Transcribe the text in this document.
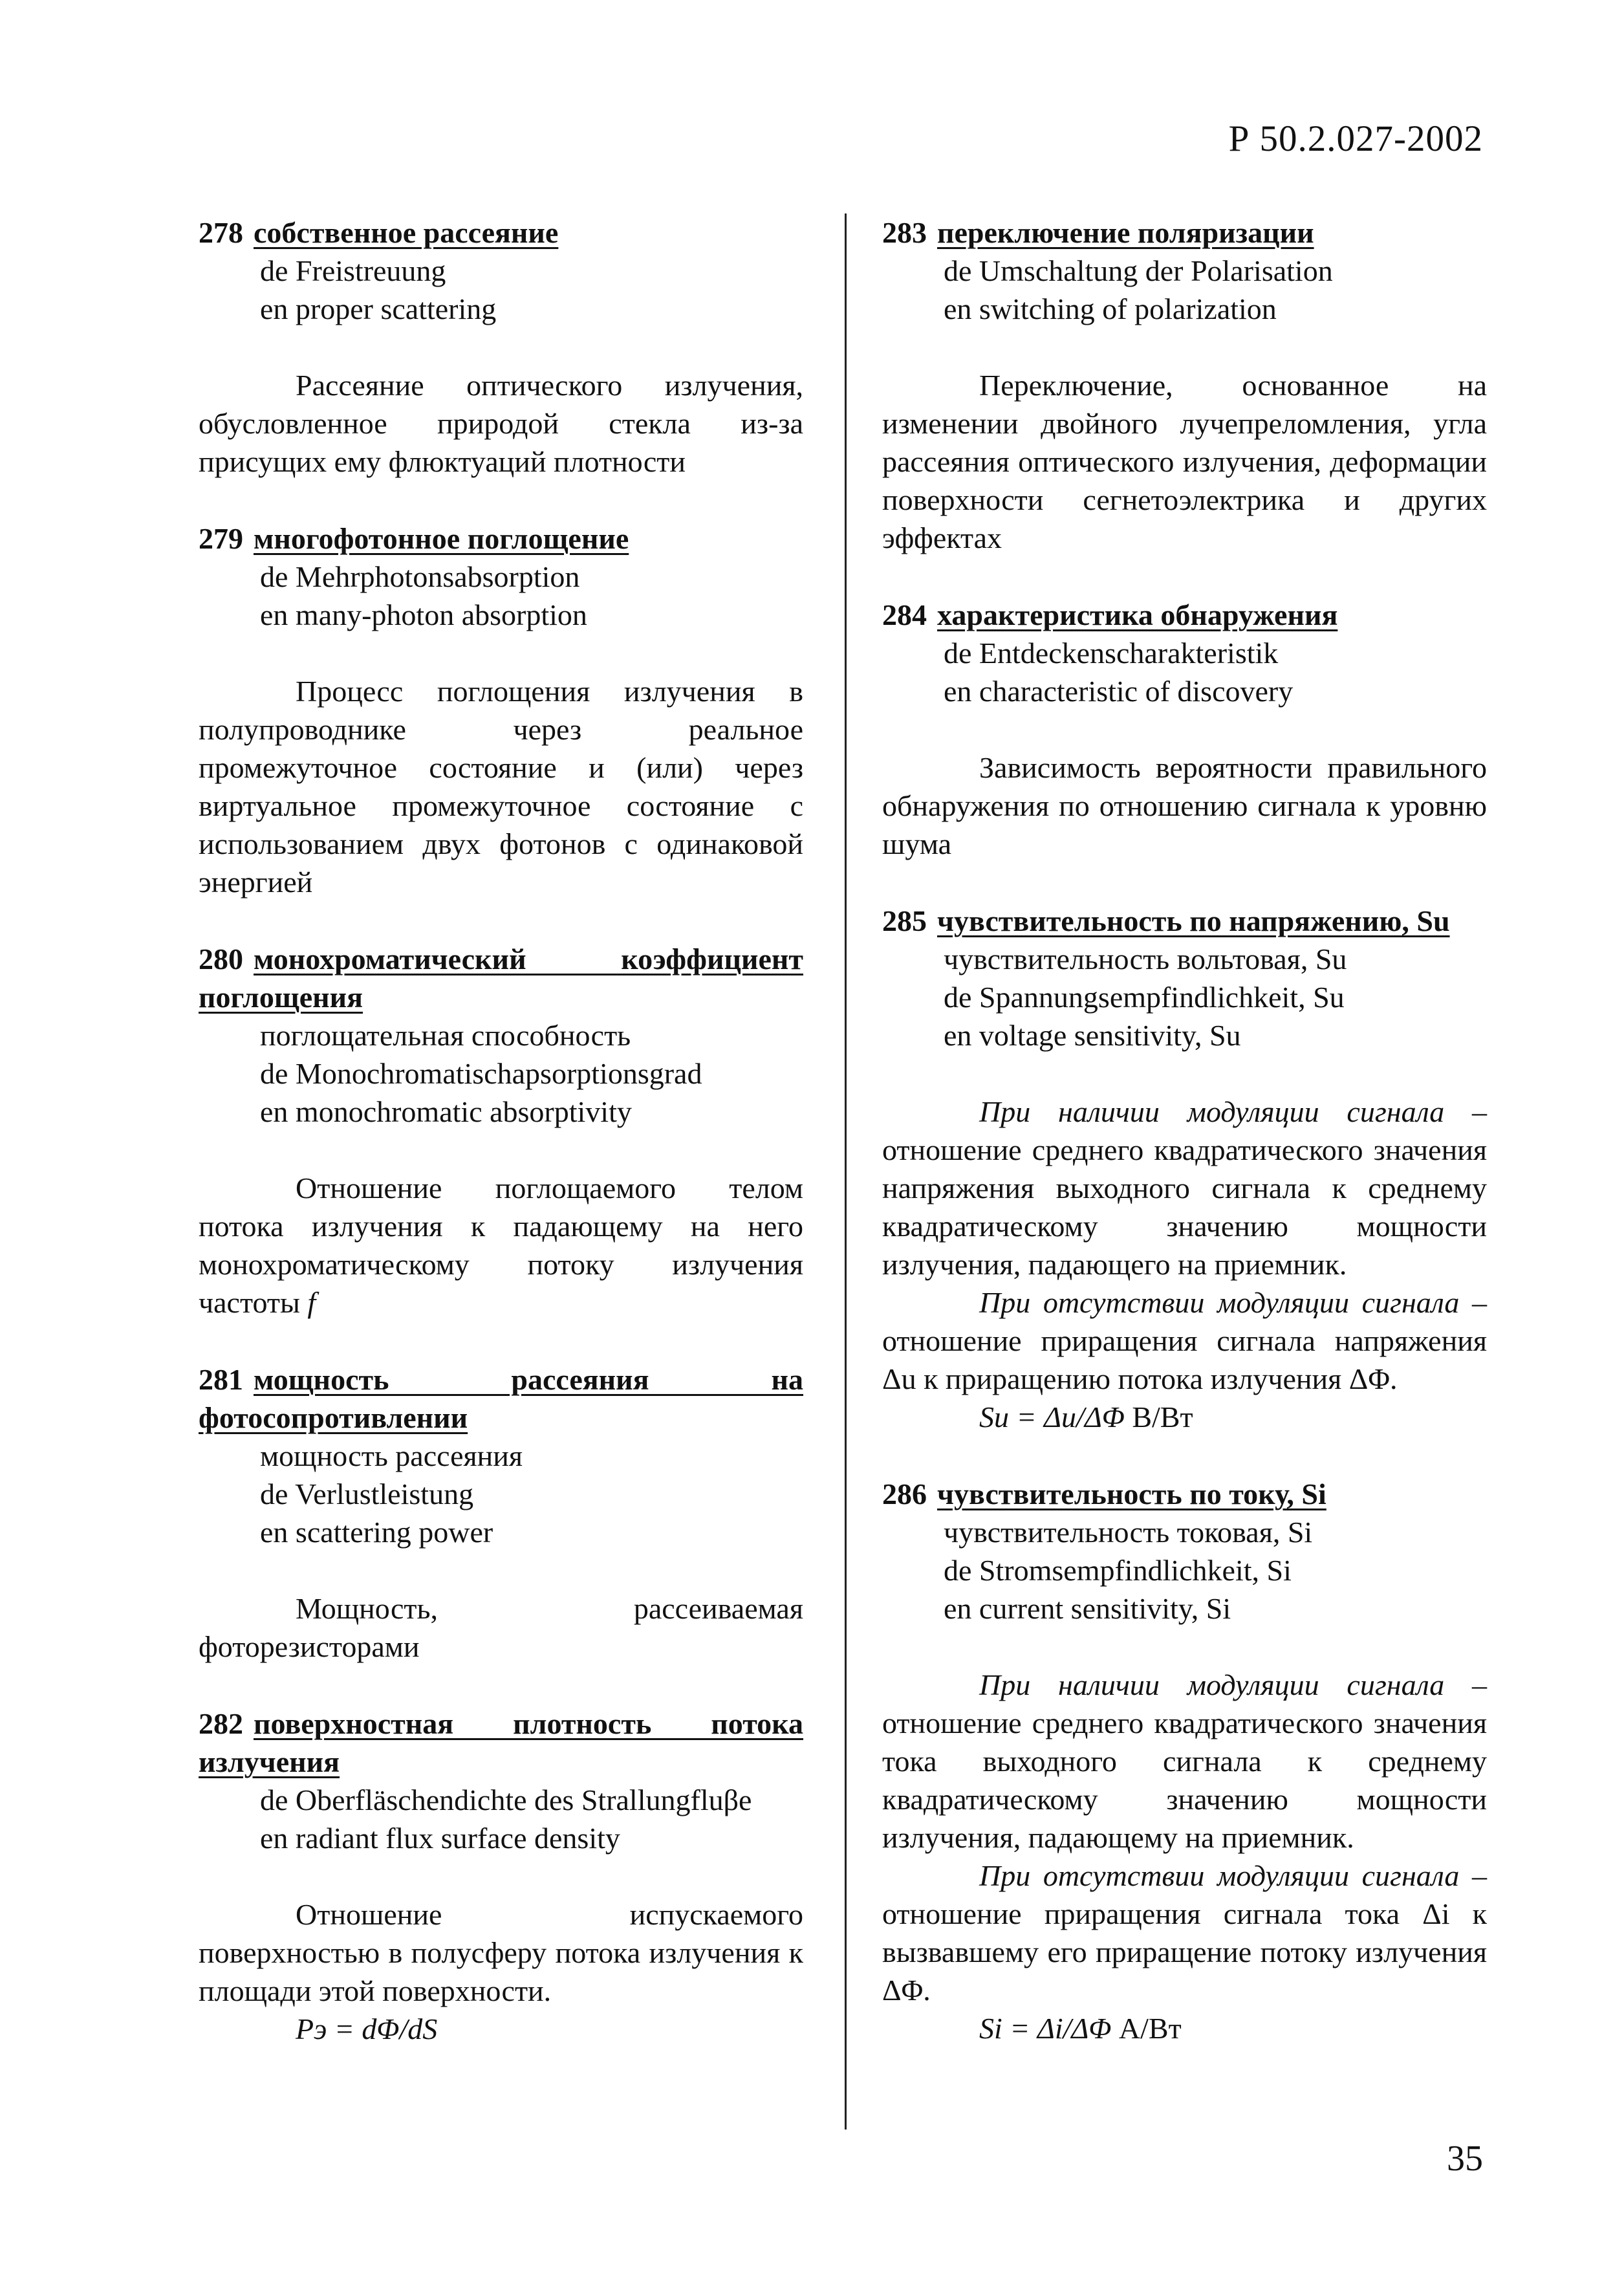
Р 50.2.027-2002
278 собственное рассеяние
de Freistreuung
en proper scattering
Рассеяние оптического излучения, обусловленное природой стекла из-за присущих ему флюктуаций плотности
279 многофотонное поглощение
de Mehrphotonsabsorption
en many-photon absorption
Процесс поглощения излучения в полупроводнике через реальное промежуточное состояние и (или) через виртуальное промежуточное состояние с использованием двух фотонов с одинаковой энергией
280 монохроматический коэффициент поглощения
поглощательная способность
de Monochromatischapsorptionsgrad
en monochromatic absorptivity
Отношение поглощаемого телом потока излучения к падающему на него монохроматическому потоку излучения частоты f
281 мощность рассеяния на фотосопротивлении
мощность рассеяния
de Verlustleistung
en scattering power
Мощность, рассеиваемая фоторезисторами
282 поверхностная плотность потока излучения
de Oberfläschendichte des Strallungfluβe
en radiant flux surface density
Отношение испускаемого поверхностью в полусферу потока излучения к площади этой поверхности.
Pэ = dΦ/dS
283 переключение поляризации
de Umschaltung der Polarisation
en switching of polarization
Переключение, основанное на изменении двойного лучепреломления, угла рассеяния оптического излучения, деформации поверхности сегнетоэлектрика и других эффектах
284 характеристика обнаружения
de Entdeckenscharakteristik
en characteristic of discovery
Зависимость вероятности правильного обнаружения по отношению сигнала к уровню шума
285 чувствительность по напряжению, Su
чувствительность вольтовая, Su
de Spannungsempfindlichkeit, Su
en voltage sensitivity, Su
При наличии модуляции сигнала – отношение среднего квадратического значения напряжения выходного сигнала к среднему квадратическому значению мощности излучения, падающего на приемник.
При отсутствии модуляции сигнала – отношение приращения сигнала напряжения Δu к приращению потока излучения ΔΦ.
Su = Δu/ΔΦ В/Вт
286 чувствительность по току, Si
чувствительность токовая, Si
de Stromsempfindlichkeit, Si
en current sensitivity, Si
При наличии модуляции сигнала – отношение среднего квадратического значения тока выходного сигнала к среднему квадратическому значению мощности излучения, падающему на приемник.
При отсутствии модуляции сигнала – отношение приращения сигнала тока Δi к вызвавшему его приращение потоку излучения ΔΦ.
Si = Δi/ΔΦ А/Вт
35
